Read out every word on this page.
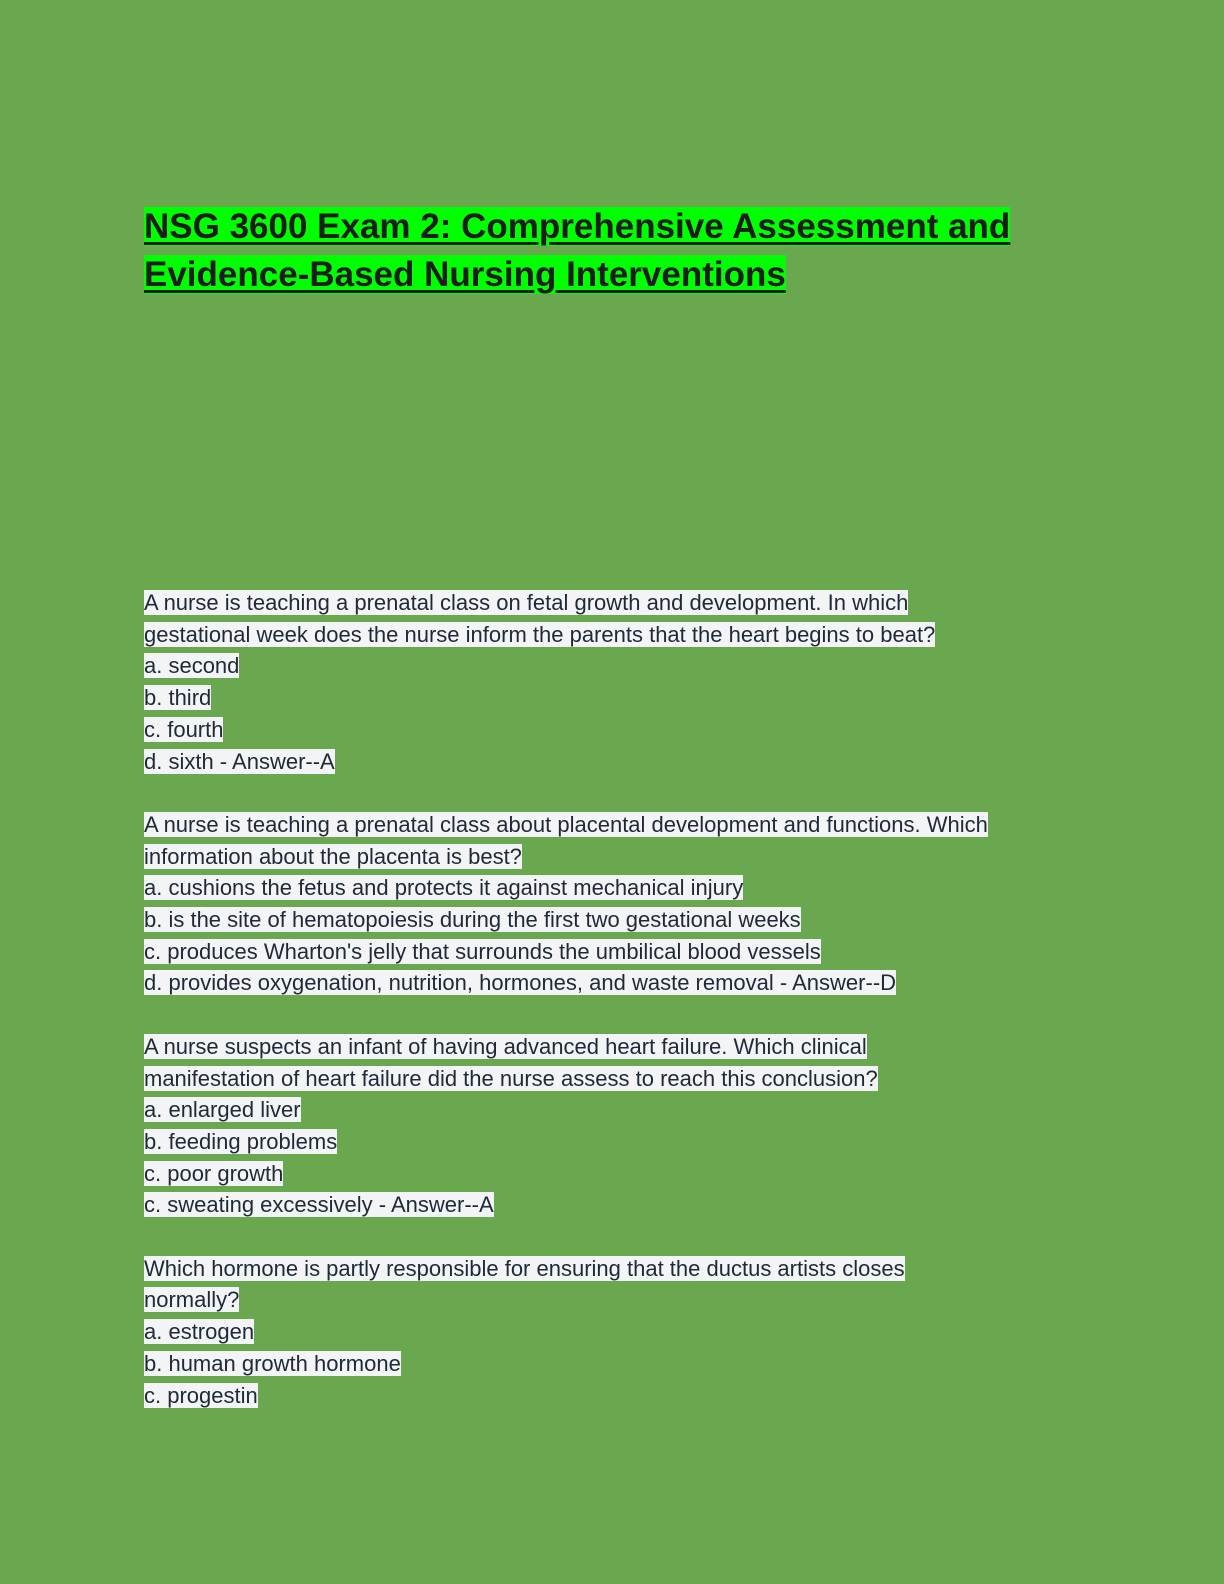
NSG 3600 Exam 2: Comprehensive Assessment and
Evidence-Based Nursing Interventions
A nurse is teaching a prenatal class on fetal growth and development. In which
gestational week does the nurse inform the parents that the heart begins to beat?
a. second
b. third
c. fourth
d. sixth - Answer--A
A nurse is teaching a prenatal class about placental development and functions. Which
information about the placenta is best?
a. cushions the fetus and protects it against mechanical injury
b. is the site of hematopoiesis during the first two gestational weeks
c. produces Wharton's jelly that surrounds the umbilical blood vessels
d. provides oxygenation, nutrition, hormones, and waste removal - Answer--D
A nurse suspects an infant of having advanced heart failure. Which clinical
manifestation of heart failure did the nurse assess to reach this conclusion?
a. enlarged liver
b. feeding problems
c. poor growth
c. sweating excessively - Answer--A
Which hormone is partly responsible for ensuring that the ductus artists closes
normally?
a. estrogen
b. human growth hormone
c. progestin
